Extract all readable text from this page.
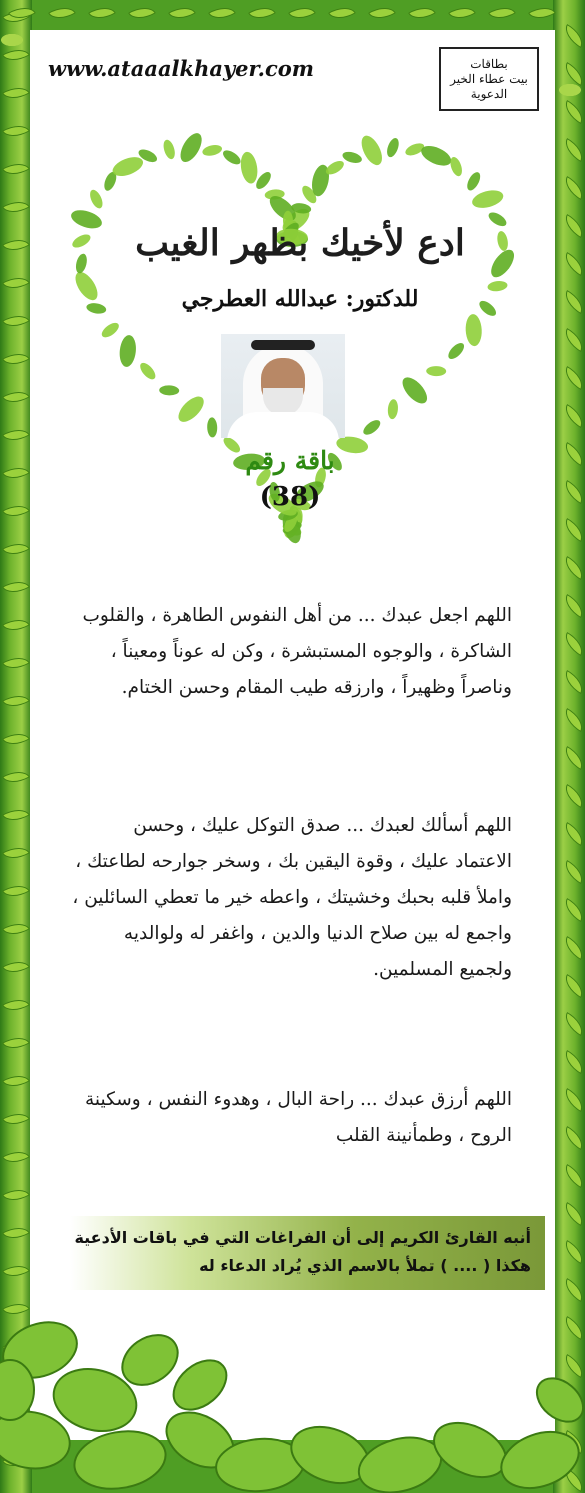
www.ataaalkhayer.com	بطاقات
بيت عطاء الخير
الدعوية
ادع لأخيك بظهر الغيب

للدكتور: عبدالله العطرجي

باقة رقم

(38)

اللهم اجعل عبدك ... من أهل النفوس الطاهرة ، والقلوب الشاكرة ، والوجوه المستبشرة ، وكن له عوناً ومعيناً ، وناصراً وظهيراً ، وارزقه طيب المقام وحسن الختام.

اللهم أسألك لعبدك ... صدق التوكل عليك ، وحسن الاعتماد عليك ، وقوة اليقين بك ، وسخر جوارحه لطاعتك ، واملأ قلبه بحبك وخشيتك ، واعطه خير ما تعطي السائلين ، واجمع له بين صلاح الدنيا والدين ، واغفر له ولوالديه ولجميع المسلمين.

اللهم أرزق عبدك ... راحة البال ، وهدوء النفس ، وسكينة الروح ، وطمأنينة القلب

أنبه القارئ الكريم إلى أن الفراغات التي في باقات الأدعية
هكذا ( .... ) تملأ بالاسم الذي يُراد الدعاء له
